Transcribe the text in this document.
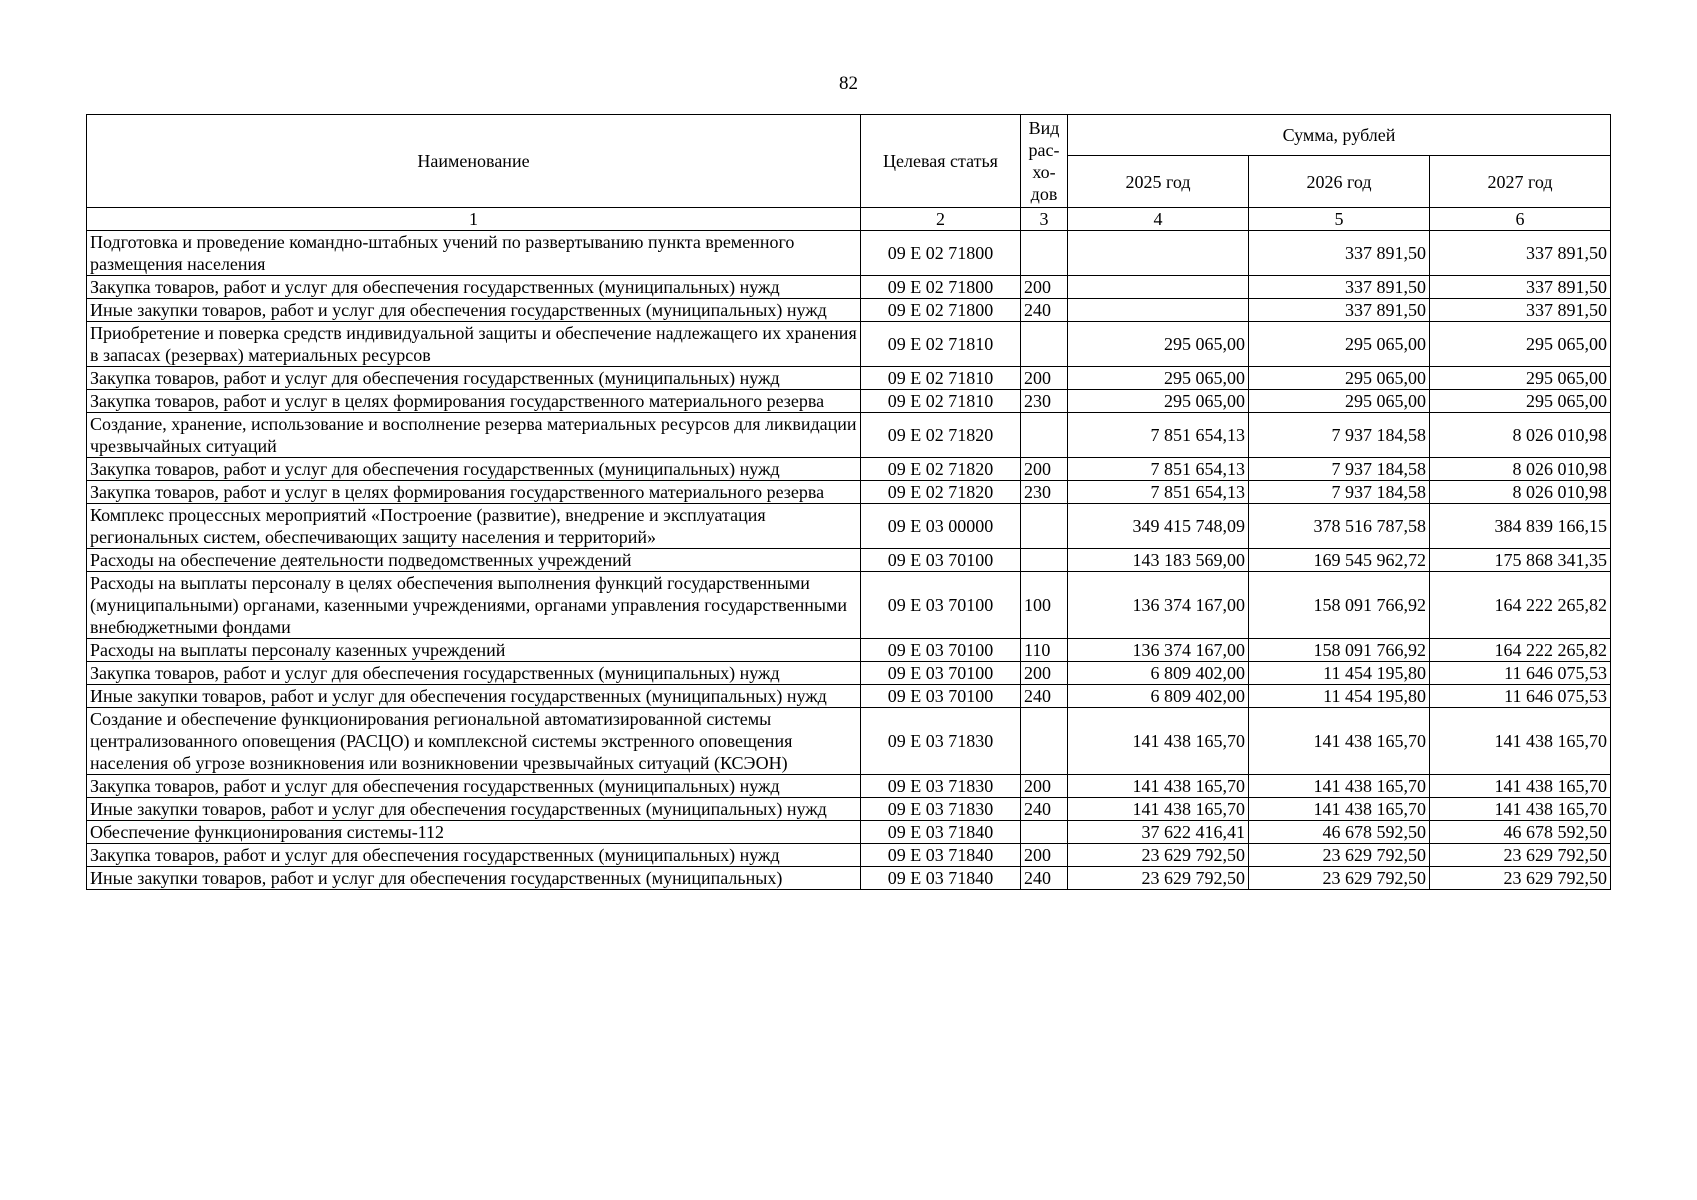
82
Наименование	Целевая статья	Вид рас-хо-дов	Сумма, рублей		
			2025 год	2026 год	2027 год
1	2	3	4	5	6
Подготовка и проведение командно-штабных учений по развертыванию пункта временного размещения населения	09 Е 02 71800			337 891,50	337 891,50
Закупка товаров, работ и услуг для обеспечения государственных (муниципальных) нужд	09 Е 02 71800	200		337 891,50	337 891,50
Иные закупки товаров, работ и услуг для обеспечения государственных (муниципальных) нужд	09 Е 02 71800	240		337 891,50	337 891,50
Приобретение и поверка средств индивидуальной защиты и обеспечение надлежащего их хранения в запасах (резервах) материальных ресурсов	09 Е 02 71810		295 065,00	295 065,00	295 065,00
Закупка товаров, работ и услуг для обеспечения государственных (муниципальных) нужд	09 Е 02 71810	200	295 065,00	295 065,00	295 065,00
Закупка товаров, работ и услуг в целях формирования государственного материального резерва	09 Е 02 71810	230	295 065,00	295 065,00	295 065,00
Создание, хранение, использование и восполнение резерва материальных ресурсов для ликвидации чрезвычайных ситуаций	09 Е 02 71820		7 851 654,13	7 937 184,58	8 026 010,98
Закупка товаров, работ и услуг для обеспечения государственных (муниципальных) нужд	09 Е 02 71820	200	7 851 654,13	7 937 184,58	8 026 010,98
Закупка товаров, работ и услуг в целях формирования государственного материального резерва	09 Е 02 71820	230	7 851 654,13	7 937 184,58	8 026 010,98
Комплекс процессных мероприятий «Построение (развитие), внедрение и эксплуатация региональных систем, обеспечивающих защиту населения и территорий»	09 Е 03 00000		349 415 748,09	378 516 787,58	384 839 166,15
Расходы на обеспечение деятельности подведомственных учреждений	09 Е 03 70100		143 183 569,00	169 545 962,72	175 868 341,35
Расходы на выплаты персоналу в целях обеспечения выполнения функций государственными (муниципальными) органами, казенными учреждениями, органами управления государственными внебюджетными фондами	09 Е 03 70100	100	136 374 167,00	158 091 766,92	164 222 265,82
Расходы на выплаты персоналу казенных учреждений	09 Е 03 70100	110	136 374 167,00	158 091 766,92	164 222 265,82
Закупка товаров, работ и услуг для обеспечения государственных (муниципальных) нужд	09 Е 03 70100	200	6 809 402,00	11 454 195,80	11 646 075,53
Иные закупки товаров, работ и услуг для обеспечения государственных (муниципальных) нужд	09 Е 03 70100	240	6 809 402,00	11 454 195,80	11 646 075,53
Создание и обеспечение функционирования региональной автоматизированной системы централизованного оповещения (РАСЦО) и комплексной системы экстренного оповещения населения об угрозе возникновения или возникновении чрезвычайных ситуаций (КСЭОН)	09 Е 03 71830		141 438 165,70	141 438 165,70	141 438 165,70
Закупка товаров, работ и услуг для обеспечения государственных (муниципальных) нужд	09 Е 03 71830	200	141 438 165,70	141 438 165,70	141 438 165,70
Иные закупки товаров, работ и услуг для обеспечения государственных (муниципальных) нужд	09 Е 03 71830	240	141 438 165,70	141 438 165,70	141 438 165,70
Обеспечение функционирования системы-112	09 Е 03 71840		37 622 416,41	46 678 592,50	46 678 592,50
Закупка товаров, работ и услуг для обеспечения государственных (муниципальных) нужд	09 Е 03 71840	200	23 629 792,50	23 629 792,50	23 629 792,50
Иные закупки товаров, работ и услуг для обеспечения государственных (муниципальных)	09 Е 03 71840	240	23 629 792,50	23 629 792,50	23 629 792,50
